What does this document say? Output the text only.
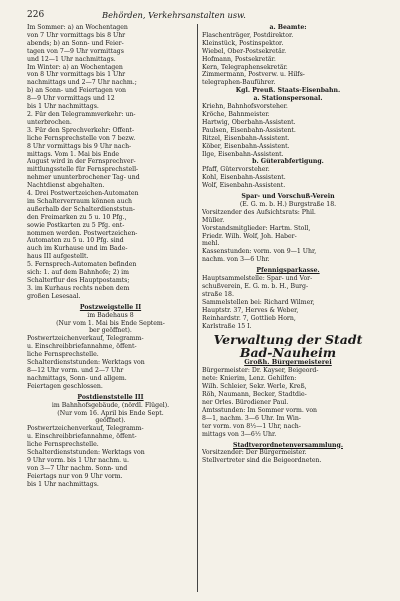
226	Behörden, Verkehrsanstalten usw.
Im Sommer: a) an Wochentagen
von 7 Uhr vormittags bis 8 Uhr
abends; b) an Sonn- und Feier-
tagen von 7—9 Uhr vormittags
und 12—1 Uhr nachmittags.
Im Winter: a) an Wochentagen
von 8 Uhr vormittags bis 1 Uhr
nachmittags und 2—7 Uhr nachm.;
b) an Sonn- und Feiertagen von
8—9 Uhr vormittags und 12
bis 1 Uhr nachmittags.
2. Für den Telegrammverkehr: un-
unterbrochen.
3. Für den Sprechverkehr: Öffent-
liche Fernsprechstelle von 7 bezw.
8 Uhr vormittags bis 9 Uhr nach-
mittags. Vom 1. Mai bis Ende
August wird in der Fernsprechver-
mittlungsstelle für Fernsprechstell-
nehmer ununterbrochener Tag- und
Nachtdienst abgehalten.
4. Drei Postwertzeichen-Automaten
im Schalterverraum können auch
außerhalb der Schalterdienststun-
den Freimarken zu 5 u. 10 Pfg.,
sowie Postkarten zu 5 Pfg. ent-
nommen werden. Postwertzeichen-
Automaten zu 5 u. 10 Pfg. sind
auch im Kurhause und im Bade-
haus III aufgestellt.
5. Fernsprech-Automaten befinden
sich: 1. auf dem Bahnhofe; 2) im
Schalterflur des Hauptpostamts;
3. im Kurhaus rechts neben dem
großen Lesesaal.
Postzweigstelle II
im Badehaus 8
(Nur vom 1. Mai bis Ende Septem-
ber geöffnet).
Postwertzeichenverkauf, Telegramm-
u. Einschreibbriefannahme, öffent-
liche Fernsprechstelle.
Schalterdienststunden: Werktags von
8—12 Uhr vorm. und 2—7 Uhr
nachmittags, Sonn- und allgem.
Feiertagen geschlossen.
Postdienststelle III
im Bahnhofsgebäude, (nördl. Flügel).
(Nur vom 16. April bis Ende Sept.
geöffnet).
Postwertzeichenverkauf, Telegramm-
u. Einschreibbriefannahme, öffent-
liche Fernsprechstelle.
Schalterdienststunden: Werktags von
9 Uhr vorm. bis 1 Uhr nachm. u.
von 3—7 Uhr nachm. Sonn- und
Feiertags nur von 9 Uhr vorm.
bis 1 Uhr nachmittags.
a. Beamte:
Flaschenträger, Postdirektor.
Kleinstück, Postinspektor.
Wiebel, Ober-Postsekretär.
Hofmann, Postsekretär.
Kern, Telegraphensekretär.
Zimmermann, Postverw. u. Hilfs-
telegraphen-Bauführer.
Kgl. Preuß. Staats-Eisenbahn.
a. Stationspersonal.
Kriehn, Bahnhofsvorsteher.
Kröche, Bahnmeister.
Hartwig, Oberbahn-Assistent.
Paulsen, Eisenbahn-Assistent.
Ritzel, Eisenbahn-Assistent.
Köber, Eisenbahn-Assistent.
Ilge, Eisenbahn-Assistent.
b. Güterabfertigung.
Pfaff, Gütervorsteher.
Kohl, Eisenbahn-Assistent.
Wolf, Eisenbahn-Assistent.
Spar- und Vorschuß-Verein
(E. G. m. b. H.) Burgstraße 18.
Vorsitzender des Aufsichtsrats: Phil.
Müller.
Vorstandsmitglieder: Hartm. Stoll,
Friedr. Wilh. Wolf, Joh. Haber-
mehl.
Kassenstunden: vorm. von 9—1 Uhr,
nachm. von 3—6 Uhr.
Pfennigsparkasse.
Hauptsammelstelle: Spar- und Vor-
schußverein, E. G. m. b. H., Burg-
straße 18.
Sammelstellen bei: Richard Wilmer,
Hauptstr. 37, Herves & Weber,
Reinhardstr. 7, Gottlieb Horn,
Karlstraße 15 I.
Verwaltung der Stadt
Bad-Nauheim
Großh. Bürgermeisterei
Bürgermeister: Dr. Kayser, Beigeord-
nete: Knierim, Lenz. Gehilfen:
Wilh. Schleier, Sekr. Werle, Kreß,
Röh, Naumann, Becker, Stadtdie-
ner Orles. Bürodiener Paul.
Amtsstunden: Im Sommer vorm. von
8—1, nachm. 3—6 Uhr. Im Win-
ter vorm. von 8½—1 Uhr, nach-
mittags von 3—6½ Uhr.
Stadtverordnetenversammlung.
Vorsitzender: Der Bürgermeister.
Stellvertreter sind die Beigeordneten.
